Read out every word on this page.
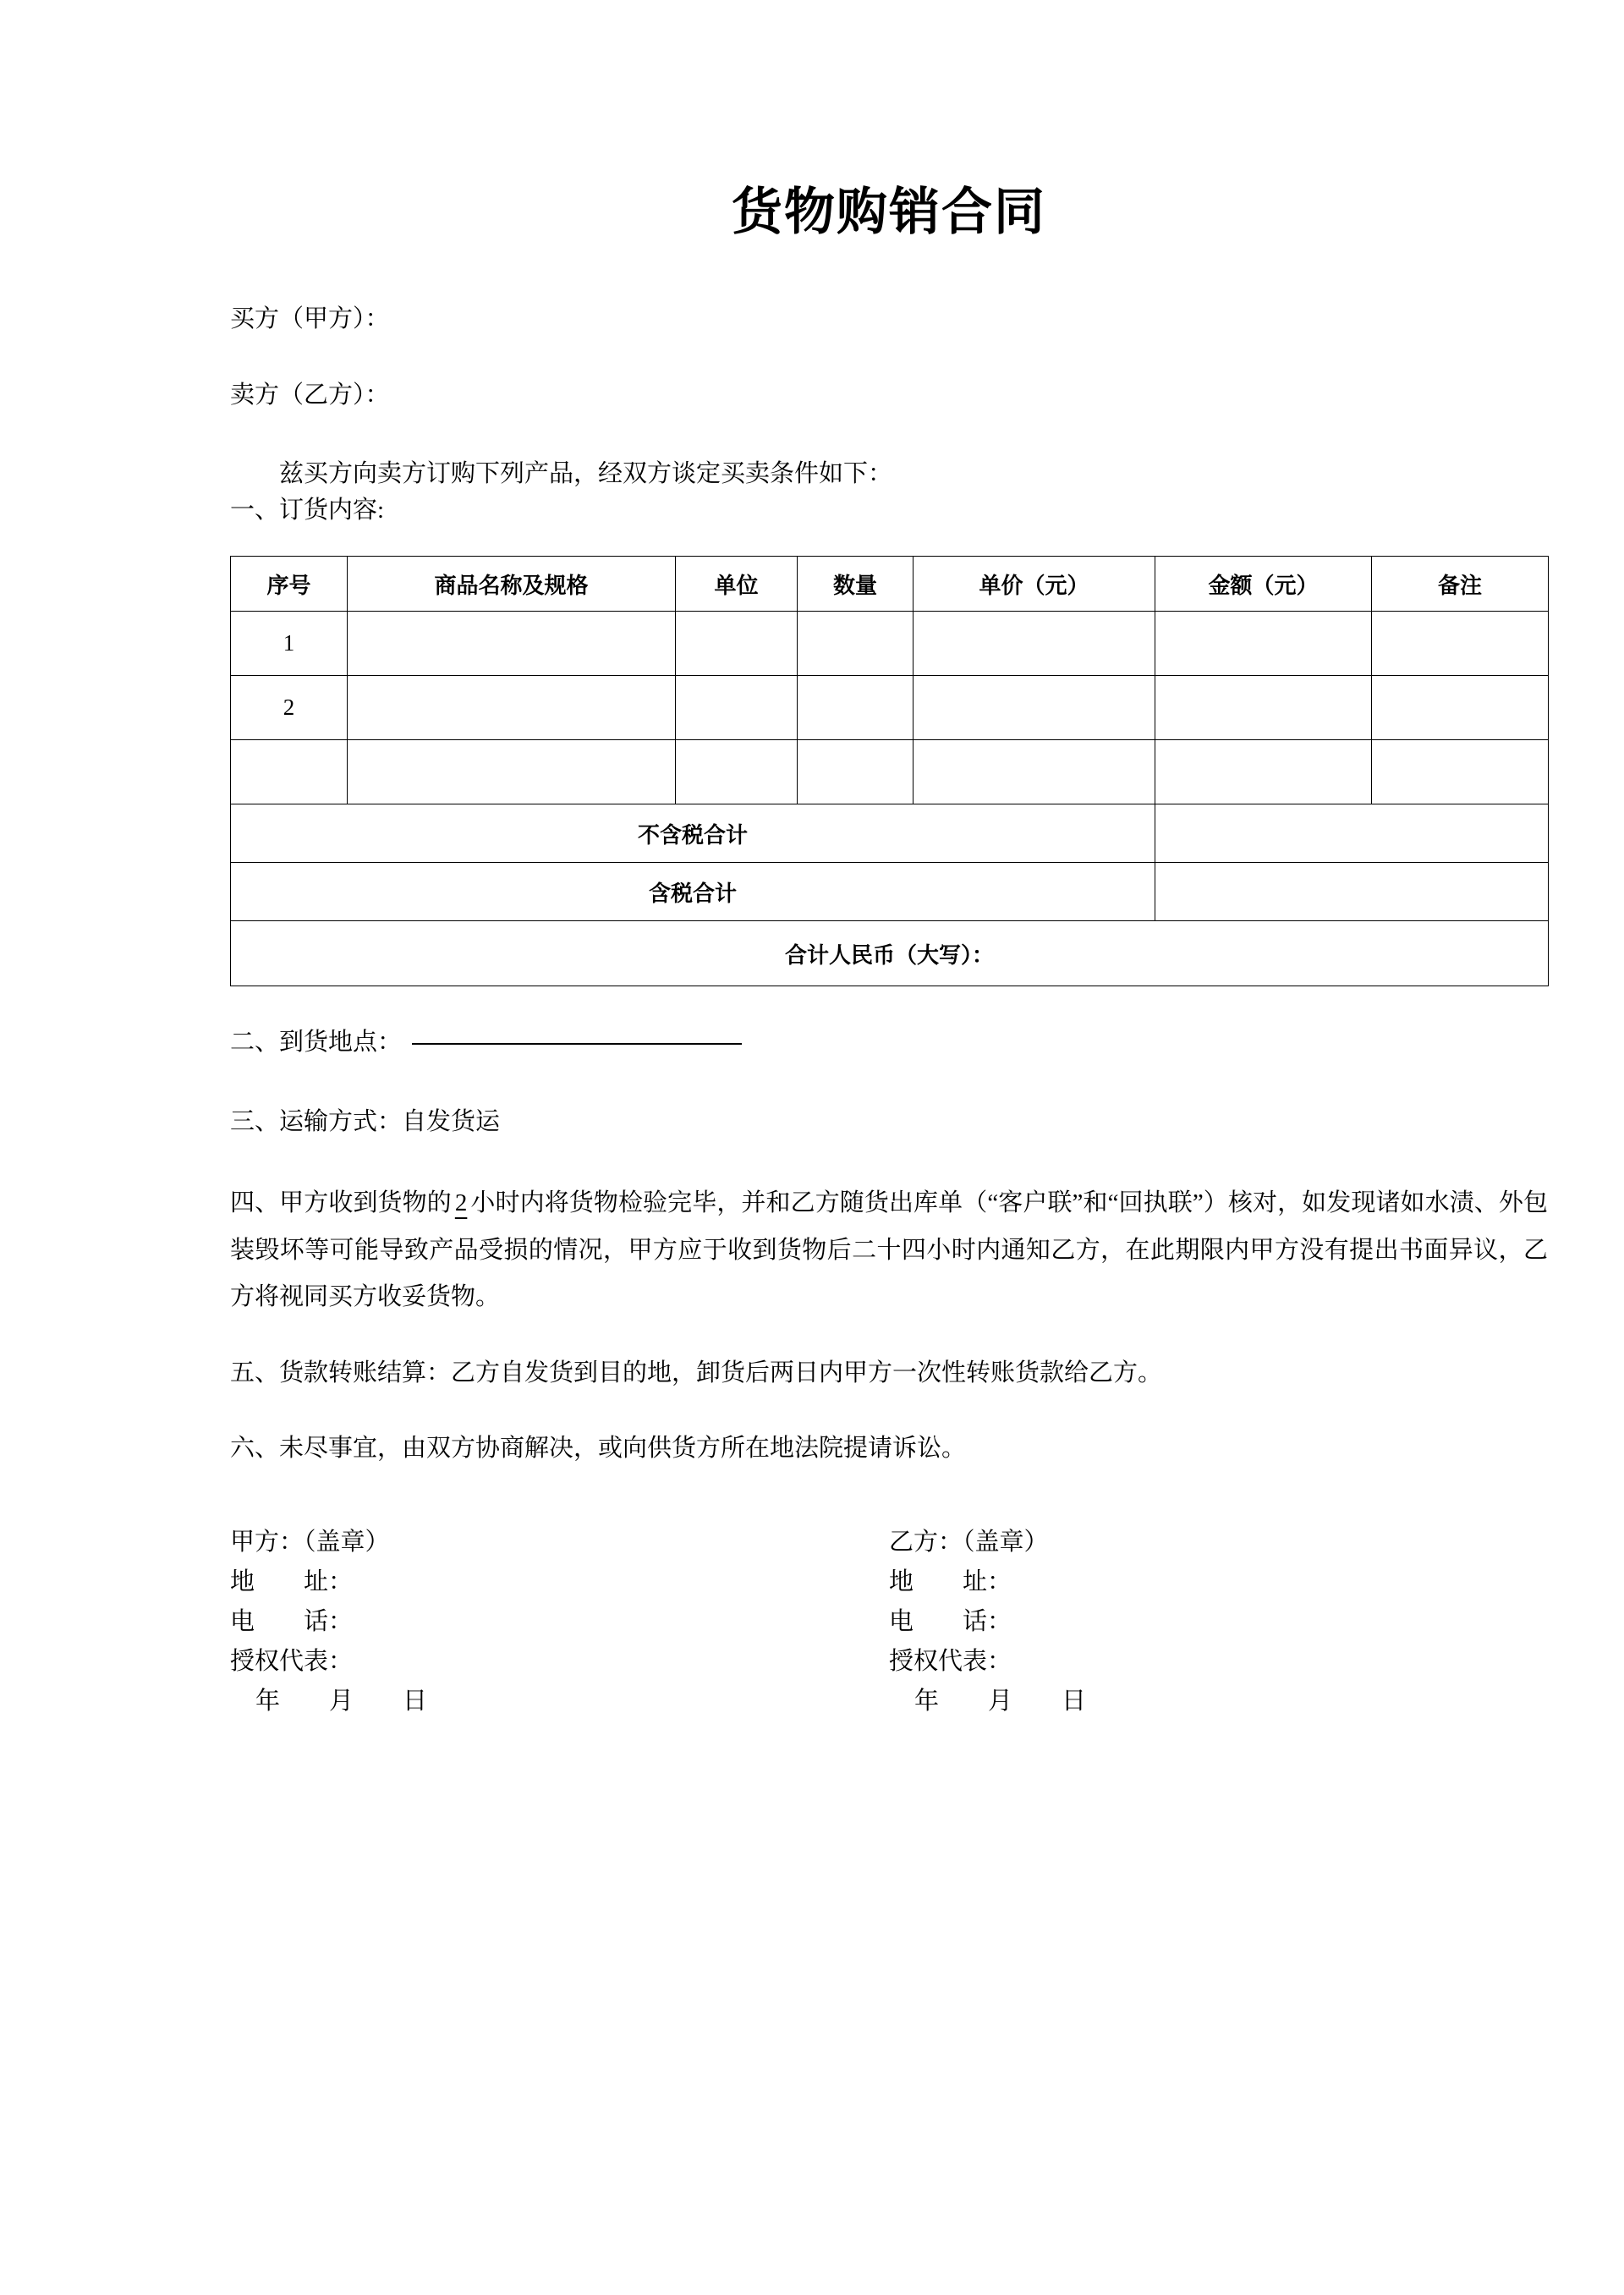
货物购销合同
买方（甲方）：
卖方（乙方）：
兹买方向卖方订购下列产品，经双方谈定买卖条件如下：
一、订货内容:
序号	商品名称及规格	单位	数量	单价（元）	金额（元）	备注
1						
2						

不含税合计						
含税合计						
合计人民币（大写）：						
二、到货地点：
三、运输方式：自发货运
四、甲方收到货物的 2 小时内将货物检验完毕，并和乙方随货出库单（“客户联”和“回执联”）核对，如发现诸如水渍、外包装毁坏等可能导致产品受损的情况，甲方应于收到货物后二十四小时内通知乙方，在此期限内甲方没有提出书面异议，乙方将视同买方收妥货物。
五、货款转账结算：乙方自发货到目的地，卸货后两日内甲方一次性转账货款给乙方。
六、未尽事宜，由双方协商解决，或向供货方所在地法院提请诉讼。
甲方：（盖章）
地　　址：
电　　话：
授权代表：
年　　月　　日
乙方：（盖章）
地　　址：
电　　话：
授权代表：
年　　月　　日
